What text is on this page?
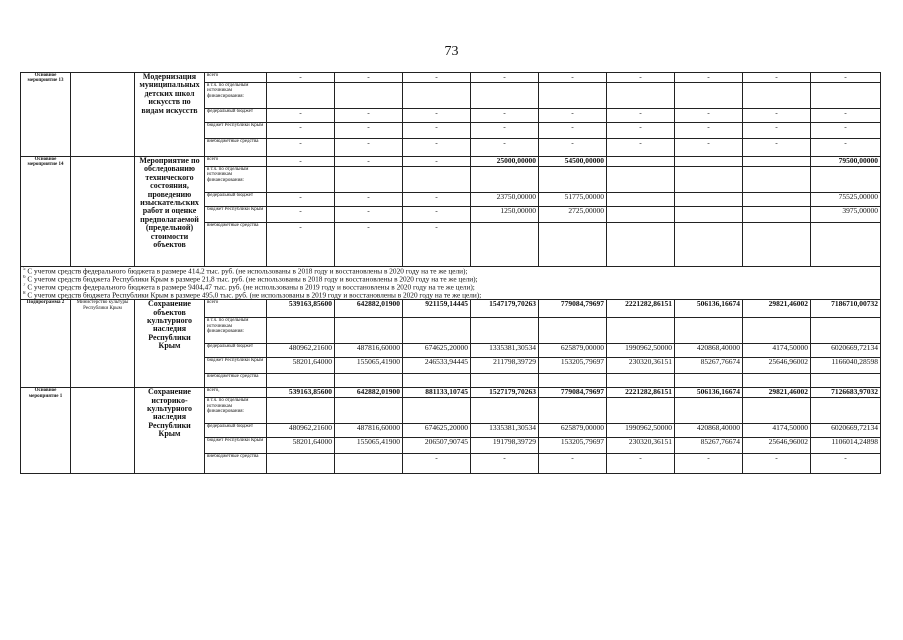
73
Основное мероприятие 13		Модернизация муниципальных детских школ искусств по видам искусств	всего	-	-	-	-	-	-	-	-	-
			в т.ч. по отдельным источникам финансирования:									
			федеральный бюджет	-	-	-	-	-	-	-	-	-
			бюджет Республики Крым	-	-	-	-	-	-	-	-	-
			внебюджетные средства	-	-	-	-	-	-	-	-	-
Основное мероприятие 14		Мероприятие по обследованию технического состояния, проведению изыскательских работ и оценке предполагаемой (предельной) стоимости объектов	всего	-	-	-	25000,00000	54500,00000				79500,00000
			в т.ч. по отдельным источникам финансирования:									
			федеральный бюджет	-	-	-	23750,00000	51775,00000				75525,00000
			бюджет Республики Крым	-	-	-	1250,00000	2725,00000				3975,00000
			внебюджетные средства	-	-	-						
$^5$ С учетом средств федерального бюджета в размере 414,2 тыс. руб. (не использованы в 2018 году и восстановлены в 2020 году на те же цели);												
$^6$ С учетом средств бюджета Республики Крым в размере 21,8 тыс. руб. (не использованы в 2018 году и восстановлены в 2020 году на те же цели);												
$^7$ С учетом средств федерального бюджета в размере 9404,47 тыс. руб. (не использованы в 2019 году и восстановлены в 2020 году на те же цели);												
$^8$ С учетом средств бюджета Республики Крым в размере 495,0 тыс. руб. (не использованы в 2019 году и восстановлены в 2020 году на те же цели);												
Подпрограмма 2	Министерство культуры Республики Крым	Сохранение объектов культурного наследия Республики Крым	всего	539163,85600	642882,01900	921159,14445	1547179,70263	779084,79697	2221282,86151	506136,16674	29821,46002	7186710,00732
			в т.ч. по отдельным источникам финансирования:									
			федеральный бюджет	480962,21600	487816,60000	674625,20000	1335381,30534	625879,00000	1990962,50000	420868,40000	4174,50000	6020669,72134
			бюджет Республики Крым	58201,64000	155065,41900	246533,94445	211798,39729	153205,79697	230320,36151	85267,76674	25646,96002	1166040,28598
			внебюджетные средства									
Основное мероприятие 1		Сохранение историко-культурного наследия Республики Крым	всего,	539163,85600	642882,01900	881133,10745	1527179,70263	779084,79697	2221282,86151	506136,16674	29821,46002	7126683,97032
			в т.ч. по отдельным источникам финансирования:									
			федеральный бюджет	480962,21600	487816,60000	674625,20000	1335381,30534	625879,00000	1990962,50000	420868,40000	4174,50000	6020669,72134
			бюджет Республики Крым	58201,64000	155065,41900	206507,90745	191798,39729	153205,79697	230320,36151	85267,76674	25646,96002	1106014,24898
			внебюджетные средства			-	-	-	-	-	-	-
